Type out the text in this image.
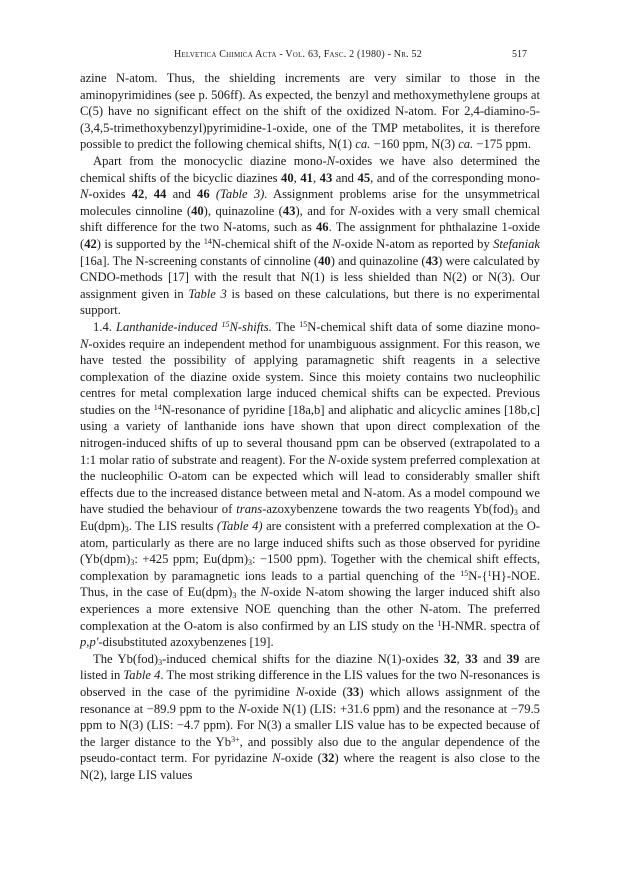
Helvetica Chimica Acta - Vol. 63, Fasc. 2 (1980) - Nr. 52	517

azine N-atom. Thus, the shielding increments are very similar to those in the aminopyrimidines (see p. 506ff). As expected, the benzyl and methoxymethylene groups at C(5) have no significant effect on the shift of the oxidized N-atom. For 2,4-diamino-5-(3,4,5-trimethoxybenzyl)pyrimidine-1-oxide, one of the TMP metabolites, it is therefore possible to predict the following chemical shifts, N(1) ca. −160 ppm, N(3) ca. −175 ppm.

Apart from the monocyclic diazine mono-N-oxides we have also determined the chemical shifts of the bicyclic diazines 40, 41, 43 and 45, and of the corresponding mono-N-oxides 42, 44 and 46 (Table 3). Assignment problems arise for the unsymmetrical molecules cinnoline (40), quinazoline (43), and for N-oxides with a very small chemical shift difference for the two N-atoms, such as 46. The assignment for phthalazine 1-oxide (42) is supported by the $^{14}$N-chemical shift of the N-oxide N-atom as reported by Stefaniak [16a]. The N-screening constants of cinnoline (40) and quinazoline (43) were calculated by CNDO-methods [17] with the result that N(1) is less shielded than N(2) or N(3). Our assignment given in Table 3 is based on these calculations, but there is no experimental support.

1.4. Lanthanide-induced $^{15}$N-shifts. The $^{15}$N-chemical shift data of some diazine mono-N-oxides require an independent method for unambiguous assignment. For this reason, we have tested the possibility of applying paramagnetic shift reagents in a selective complexation of the diazine oxide system. Since this moiety contains two nucleophilic centres for metal complexation large induced chemical shifts can be expected. Previous studies on the $^{14}$N-resonance of pyridine [18a,b] and aliphatic and alicyclic amines [18b,c] using a variety of lanthanide ions have shown that upon direct complexation of the nitrogen-induced shifts of up to several thousand ppm can be observed (extrapolated to a 1:1 molar ratio of substrate and reagent). For the N-oxide system preferred complexation at the nucleophilic O-atom can be expected which will lead to considerably smaller shift effects due to the increased distance between metal and N-atom. As a model compound we have studied the behaviour of trans-azoxybenzene towards the two reagents $Yb(fod)_3$ and $Eu(dpm)_3$. The LIS results (Table 4) are consistent with a preferred complexation at the O-atom, particularly as there are no large induced shifts such as those observed for pyridine ($Yb(dpm)_3$: +425 ppm; $Eu(dpm)_3$: −1500 ppm). Together with the chemical shift effects, complexation by paramagnetic ions leads to a partial quenching of the $^{15}$N-{$^1$H}-NOE. Thus, in the case of $Eu(dpm)_3$ the N-oxide N-atom showing the larger induced shift also experiences a more extensive NOE quenching than the other N-atom. The preferred complexation at the O-atom is also confirmed by an LIS study on the $^1$H-NMR. spectra of p,p'-disubstituted azoxybenzenes [19].

The $Yb(fod)_3$-induced chemical shifts for the diazine N(1)-oxides 32, 33 and 39 are listed in Table 4. The most striking difference in the LIS values for the two N-resonances is observed in the case of the pyrimidine N-oxide (33) which allows assignment of the resonance at −89.9 ppm to the N-oxide N(1) (LIS: +31.6 ppm) and the resonance at −79.5 ppm to N(3) (LIS: −4.7 ppm). For N(3) a smaller LIS value has to be expected because of the larger distance to the $Yb^{3+}$, and possibly also due to the angular dependence of the pseudo-contact term. For pyridazine N-oxide (32) where the reagent is also close to the N(2), large LIS values
